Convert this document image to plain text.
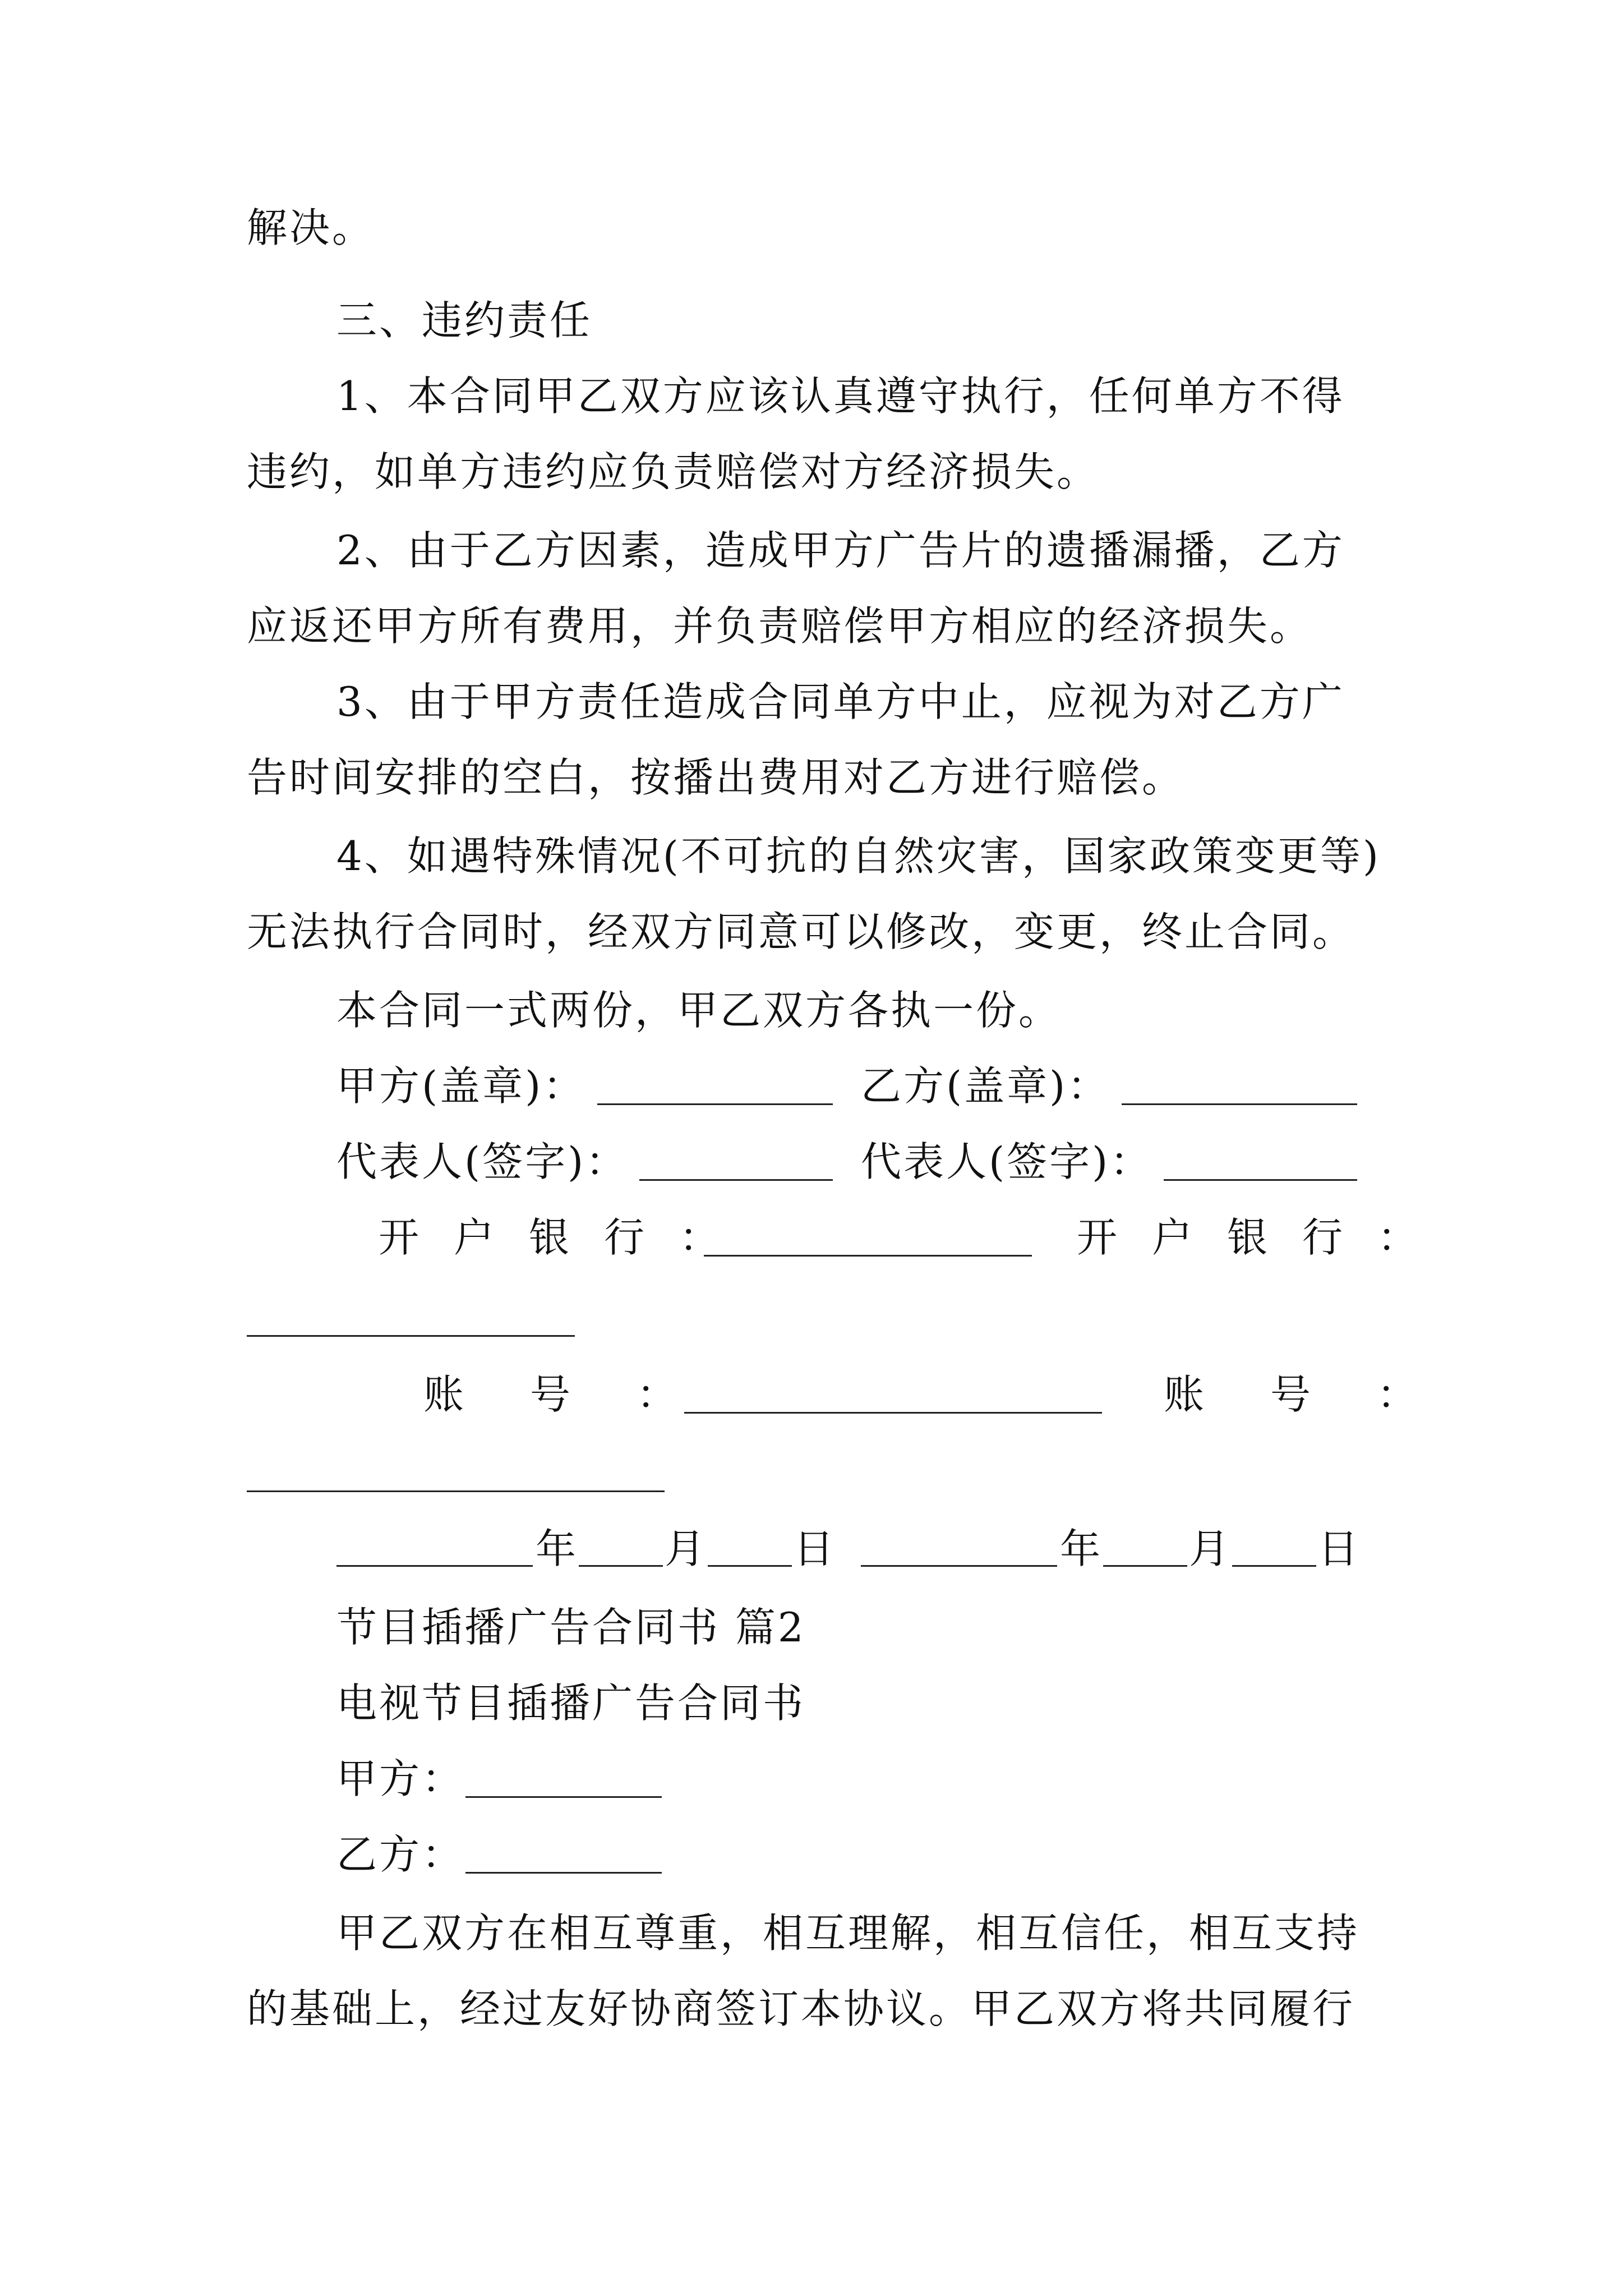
解决。
三、违约责任
1、本合同甲乙双方应该认真遵守执行，任何单方不得
违约，如单方违约应负责赔偿对方经济损失。
2、由于乙方因素，造成甲方广告片的遗播漏播，乙方
应返还甲方所有费用，并负责赔偿甲方相应的经济损失。
3、由于甲方责任造成合同单方中止，应视为对乙方广
告时间安排的空白，按播出费用对乙方进行赔偿。
4、如遇特殊情况(不可抗的自然灾害，国家政策变更等)
无法执行合同时，经双方同意可以修改，变更，终止合同。
本合同一式两份，甲乙双方各执一份。
甲方(盖章)：	乙方(盖章)：
代表人(签字)：	代表人(签字)：
开户银行：	开户银行：
账号：	账号：
年 月 日	年 月 日
节目插播广告合同书 篇2
电视节目插播广告合同书
甲方：
乙方：
甲乙双方在相互尊重，相互理解，相互信任，相互支持
的基础上，经过友好协商签订本协议。甲乙双方将共同履行
